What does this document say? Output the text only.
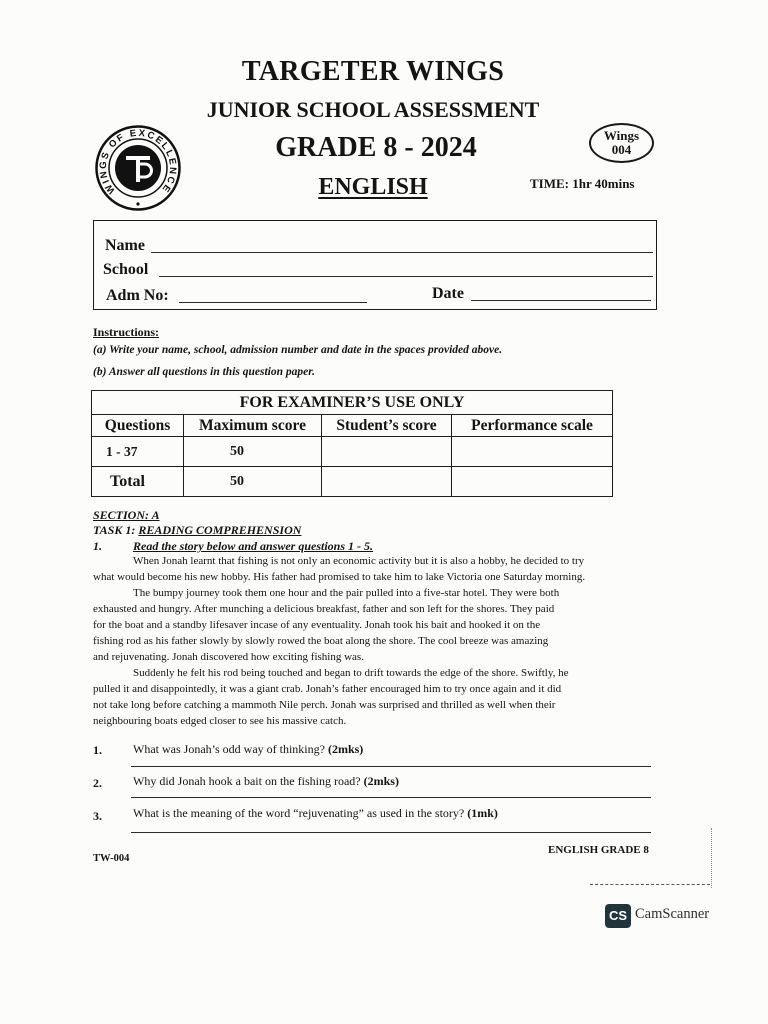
TARGETER WINGS
JUNIOR SCHOOL ASSESSMENT
GRADE 8 - 2024
ENGLISH	TIME: 1hr 40mins
Wings
004
WINGS OF EXCELLENCE
Name
School
Adm No:	Date
Instructions:
(a) Write your name, school, admission number and date in the spaces provided above.
(b) Answer all questions in this question paper.
FOR EXAMINER’S USE ONLY			
Questions	Maximum score	Student’s score	Performance scale
1 - 37	50		
Total	50		
SECTION: A
TASK 1: READING COMPREHENSION
1.	Read the story below and answer questions 1 - 5.
When Jonah learnt that fishing is not only an economic activity but it is also a hobby, he decided to try
what would become his new hobby. His father had promised to take him to lake Victoria one Saturday morning.
The bumpy journey took them one hour and the pair pulled into a five-star hotel. They were both
exhausted and hungry. After munching a delicious breakfast, father and son left for the shores. They paid
for the boat and a standby lifesaver incase of any eventuality. Jonah took his bait and hooked it on the
fishing rod as his father slowly by slowly rowed the boat along the shore. The cool breeze was amazing
and rejuvenating. Jonah discovered how exciting fishing was.
Suddenly he felt his rod being touched and began to drift towards the edge of the shore. Swiftly, he
pulled it and disappointedly, it was a giant crab. Jonah’s father encouraged him to try once again and it did
not take long before catching a mammoth Nile perch. Jonah was surprised and thrilled as well when their
neighbouring boats edged closer to see his massive catch.
1.	What was Jonah’s odd way of thinking? (2mks)
2.	Why did Jonah hook a bait on the fishing road? (2mks)
3.	What is the meaning of the word “rejuvenating” as used in the story? (1mk)
TW-004
ENGLISH GRADE 8
CS CamScanner
